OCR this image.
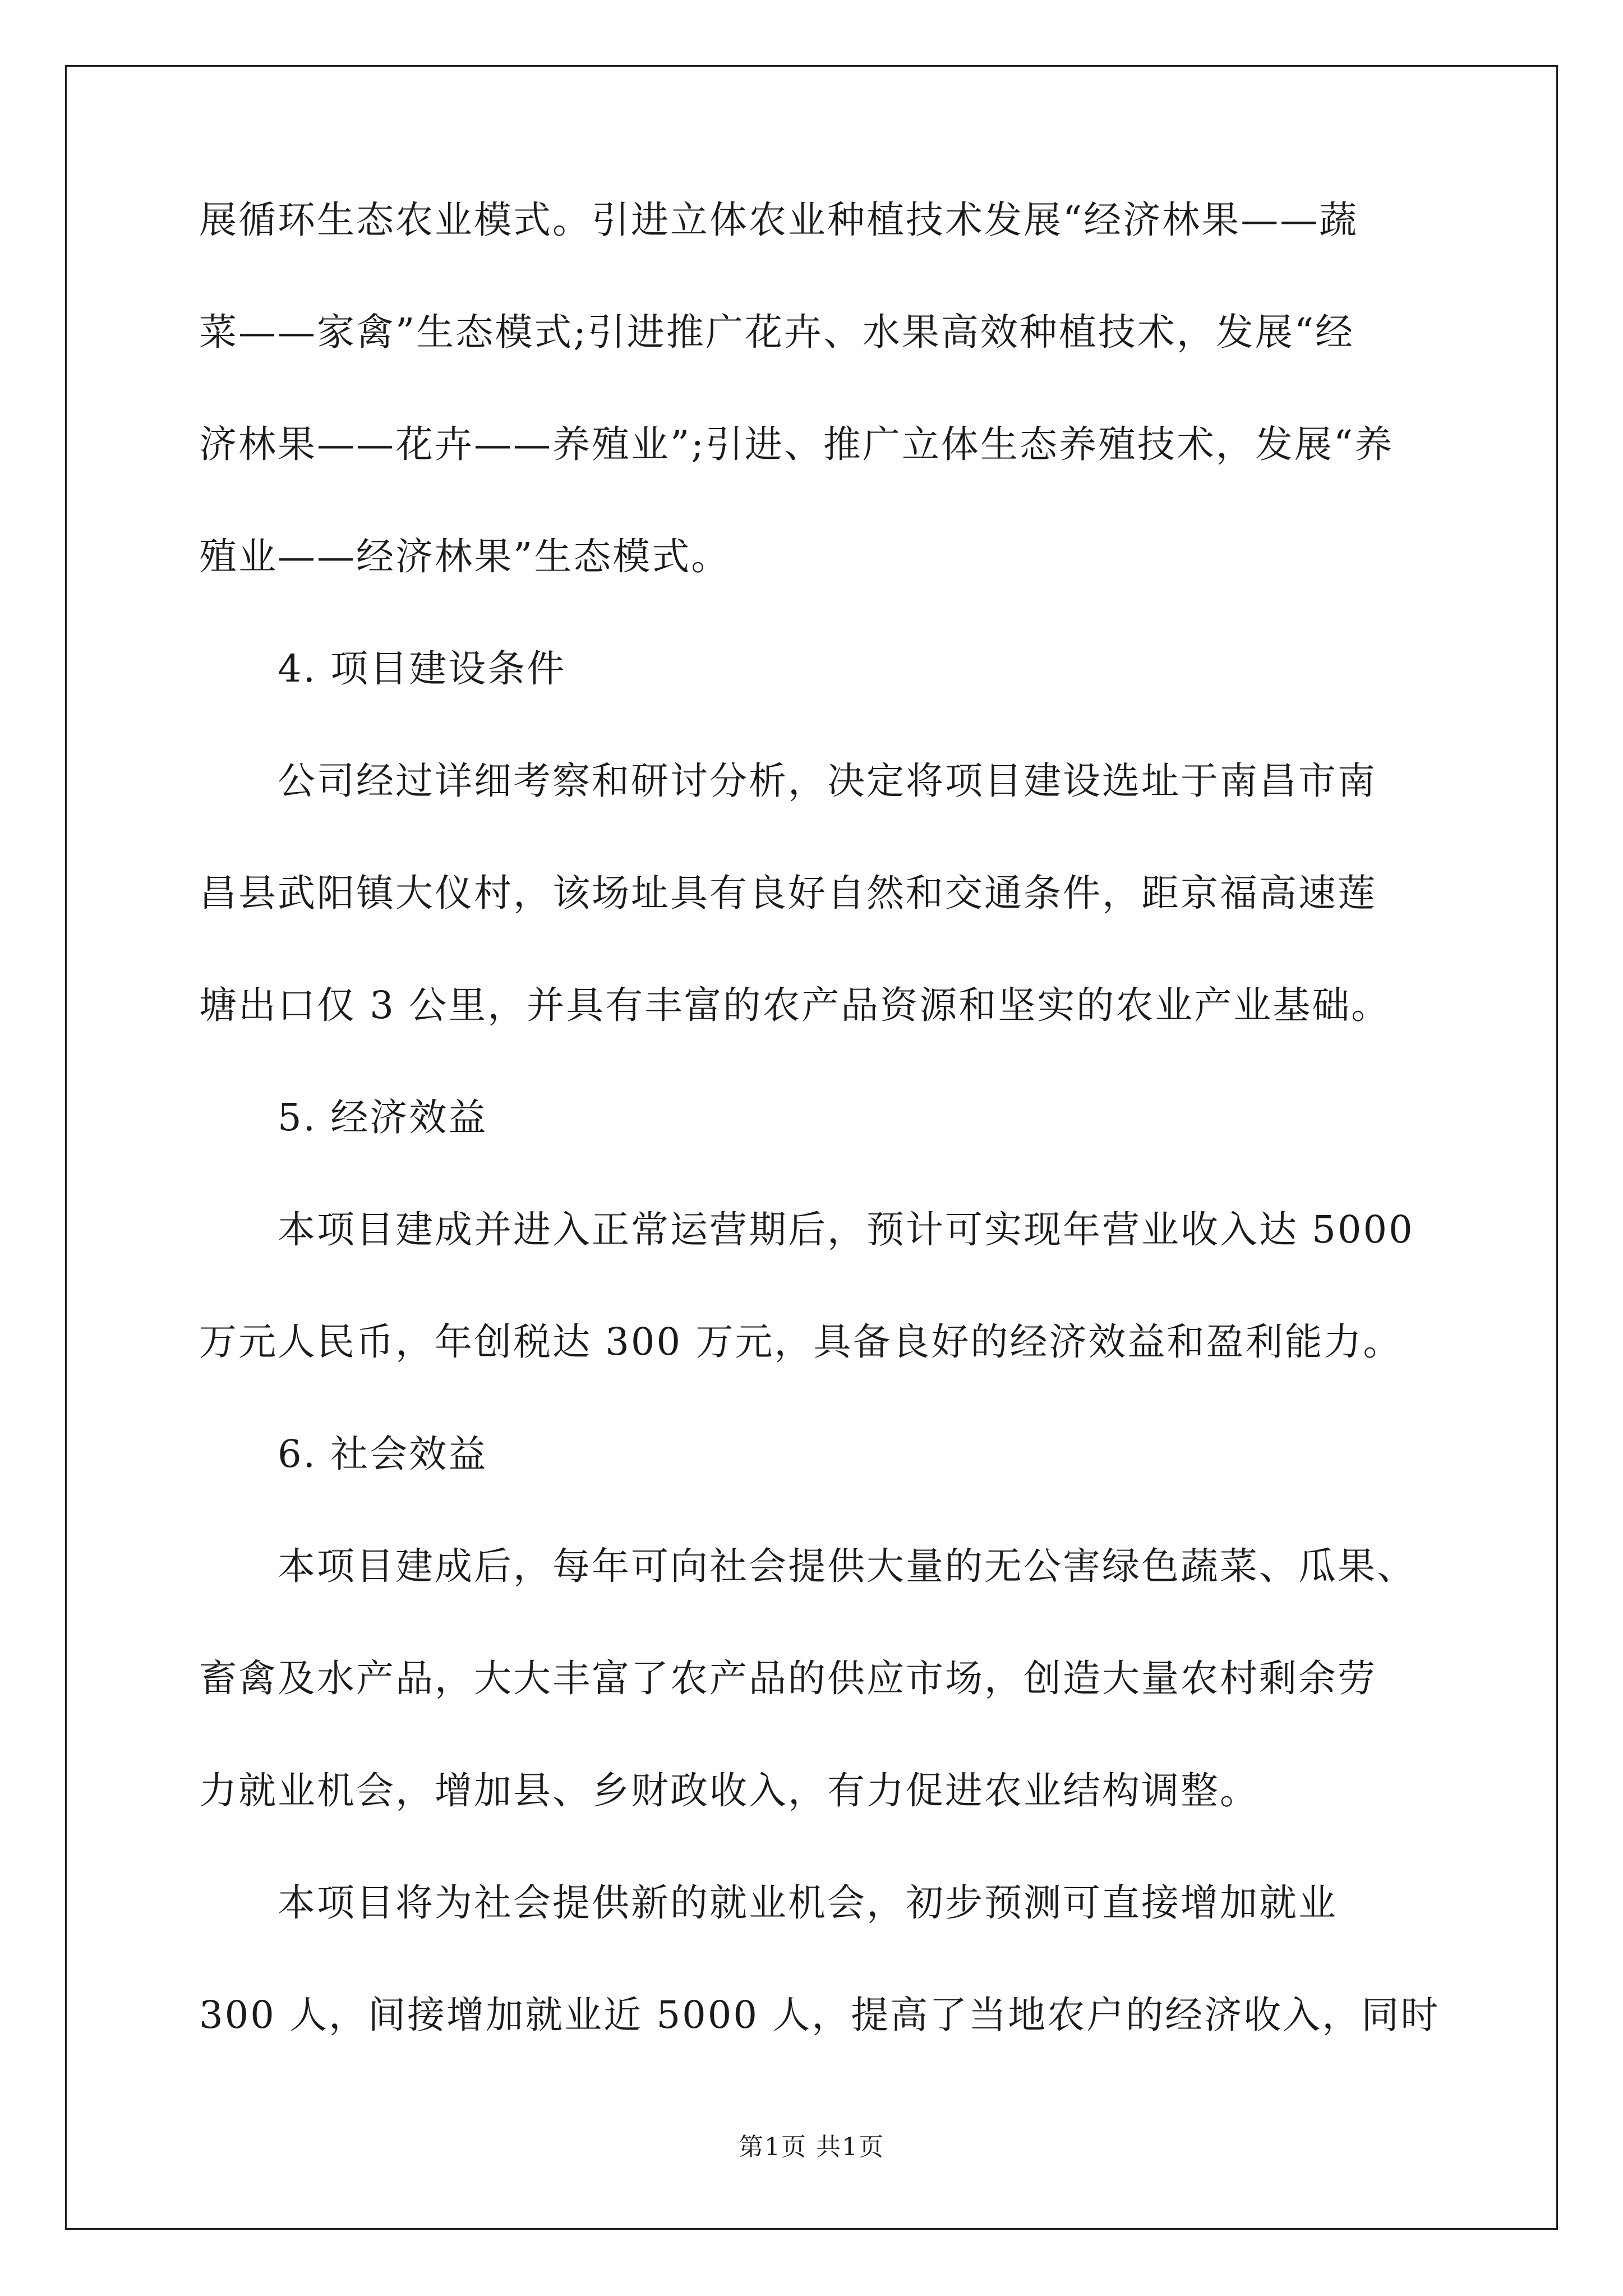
展循环生态农业模式。引进立体农业种植技术发展“经济林果——蔬
菜——家禽”生态模式;引进推广花卉、水果高效种植技术，发展“经
济林果——花卉——养殖业”;引进、推广立体生态养殖技术，发展“养
殖业——经济林果”生态模式。
4. 项目建设条件
公司经过详细考察和研讨分析，决定将项目建设选址于南昌市南
昌县武阳镇大仪村，该场址具有良好自然和交通条件，距京福高速莲
塘出口仅 3 公里，并具有丰富的农产品资源和坚实的农业产业基础。
5. 经济效益
本项目建成并进入正常运营期后，预计可实现年营业收入达 5000
万元人民币，年创税达 300 万元，具备良好的经济效益和盈利能力。
6. 社会效益
本项目建成后，每年可向社会提供大量的无公害绿色蔬菜、瓜果、
畜禽及水产品，大大丰富了农产品的供应市场，创造大量农村剩余劳
力就业机会，增加县、乡财政收入，有力促进农业结构调整。
本项目将为社会提供新的就业机会，初步预测可直接增加就业
300 人，间接增加就业近 5000 人，提高了当地农户的经济收入，同时
第1页 共1页
